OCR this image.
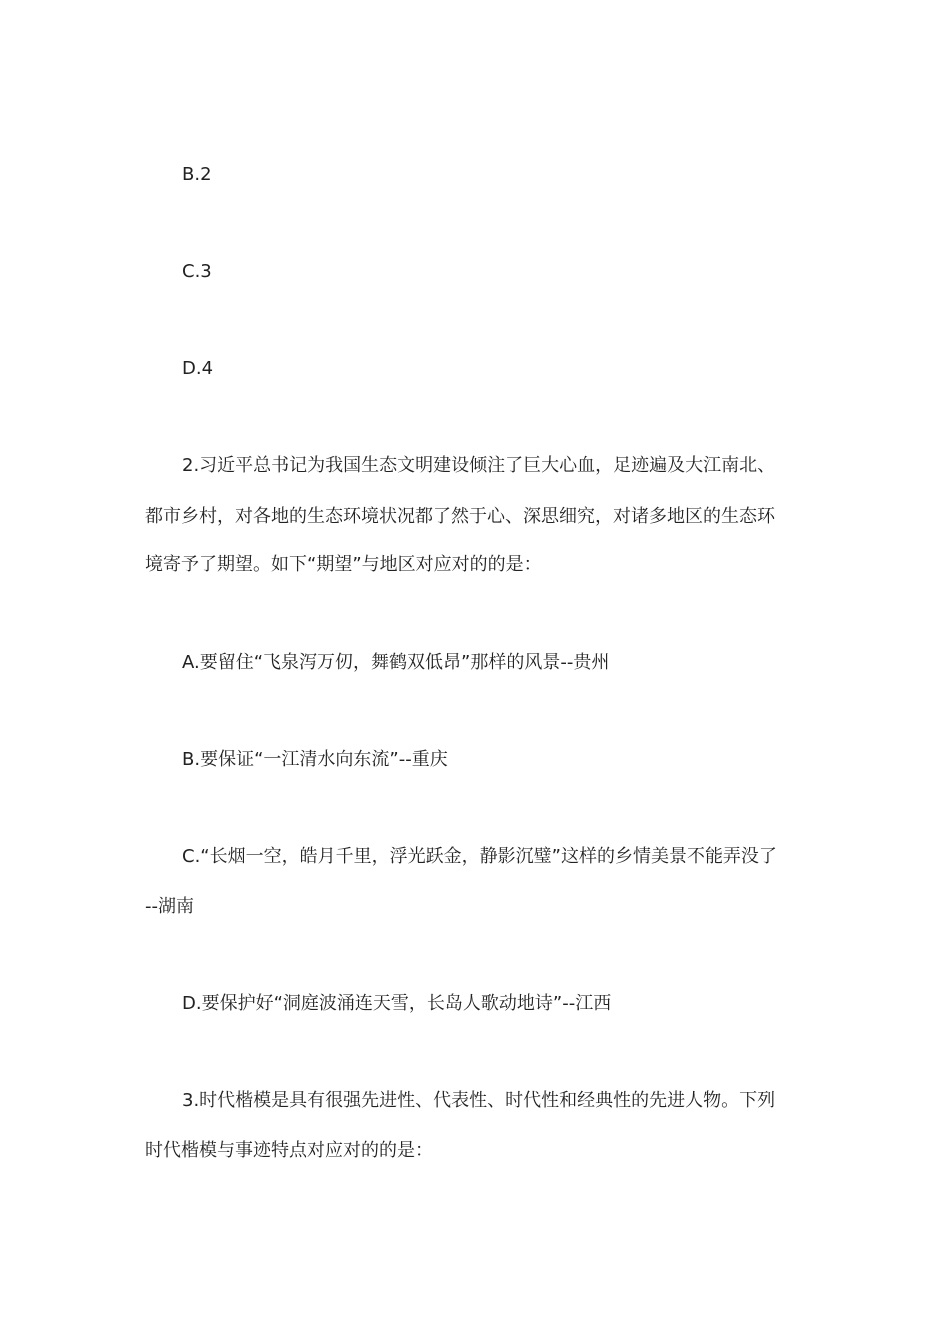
B.2
C.3
D.4
2.习近平总书记为我国生态文明建设倾注了巨大心血，足迹遍及大江南北、
都市乡村，对各地的生态环境状况都了然于心、深思细究，对诸多地区的生态环
境寄予了期望。如下“期望”与地区对应对的的是：
A.要留住“飞泉泻万仞，舞鹤双低昂”那样的风景--贵州
B.要保证“一江清水向东流”--重庆
C.“长烟一空，皓月千里，浮光跃金，静影沉璧”这样的乡情美景不能弄没了
--湖南
D.要保护好“洞庭波涌连天雪，长岛人歌动地诗”--江西
3.时代楷模是具有很强先进性、代表性、时代性和经典性的先进人物。下列
时代楷模与事迹特点对应对的的是：
